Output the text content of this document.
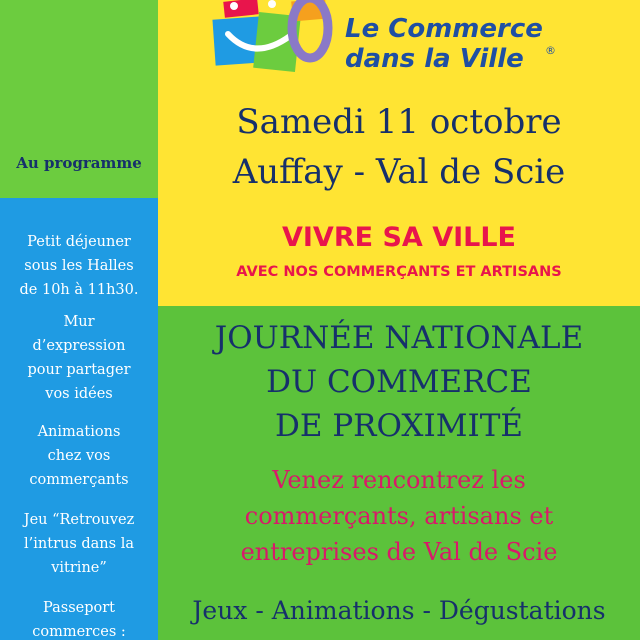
Le Commerce
dans la Ville ®
Samedi 11 octobre
Auffay - Val de Scie
VIVRE SA VILLE
AVEC NOS COMMERÇANTS ET ARTISANS
Au programme
Petit déjeuner
sous les Halles
de 10h à 11h30.
Mur
d’expression
pour partager
vos idées
Animations
chez vos
commerçants
Jeu “Retrouvez
l’intrus dans la
vitrine”
Passeport
commerces :
JOURNÉE NATIONALE
DU COMMERCE
DE PROXIMITÉ
Venez rencontrez les
commerçants, artisans et
entreprises de Val de Scie
Jeux - Animations - Dégustations
